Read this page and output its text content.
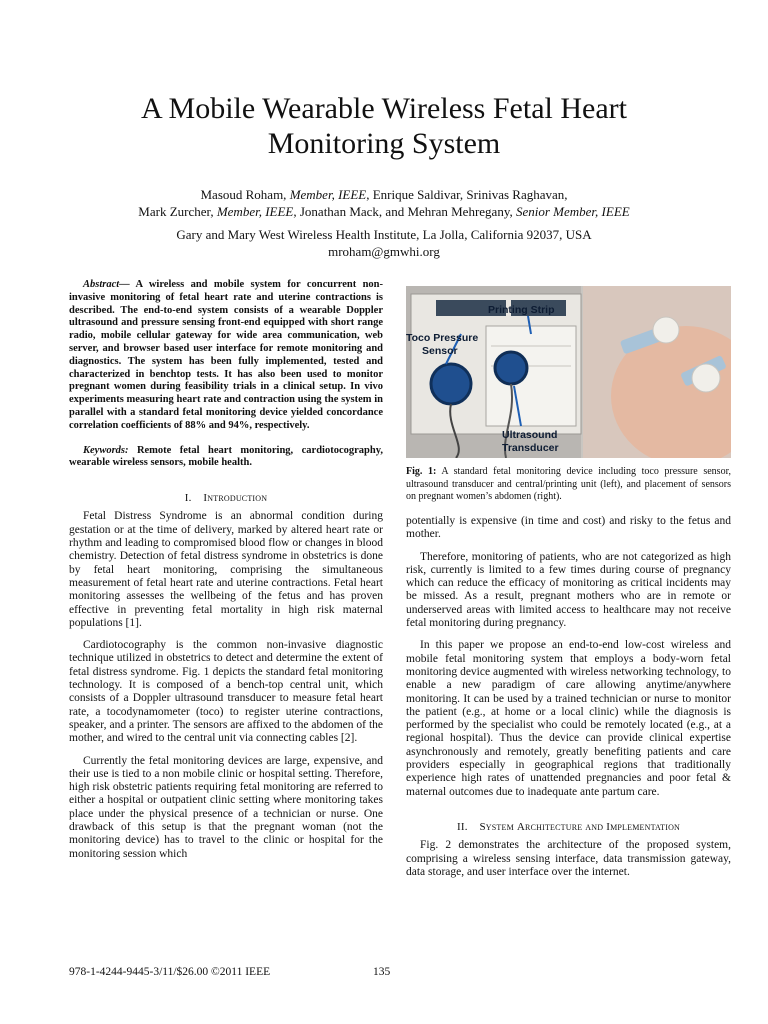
A Mobile Wearable Wireless Fetal Heart Monitoring System
Masoud Roham, Member, IEEE, Enrique Saldivar, Srinivas Raghavan,
Mark Zurcher, Member, IEEE, Jonathan Mack, and Mehran Mehregany, Senior Member, IEEE
Gary and Mary West Wireless Health Institute, La Jolla, California 92037, USA
mroham@gmwhi.org

Abstract— A wireless and mobile system for concurrent non-invasive monitoring of fetal heart rate and uterine contractions is described. The end-to-end system consists of a wearable Doppler ultrasound and pressure sensing front-end equipped with short range radio, mobile cellular gateway for wide area communication, web server, and browser based user interface for remote monitoring and diagnostics. The system has been fully implemented, tested and characterized in benchtop tests. It has also been used to monitor pregnant women during feasibility trials in a clinical setup. In vivo experiments measuring heart rate and contraction using the system in parallel with a standard fetal monitoring device yielded concordance correlation coefficients of 88% and 94%, respectively.

Keywords: Remote fetal heart monitoring, cardiotocography, wearable wireless sensors, mobile health.

I. Introduction

Fetal Distress Syndrome is an abnormal condition during gestation or at the time of delivery, marked by altered heart rate or rhythm and leading to compromised blood flow or changes in blood chemistry. Detection of fetal distress syndrome in obstetrics is done by fetal heart monitoring, comprising the simultaneous measurement of fetal heart rate and uterine contractions. Fetal heart monitoring assesses the wellbeing of the fetus and has proven effective in preventing fetal mortality in high risk maternal populations [1].

Cardiotocography is the common non-invasive diagnostic technique utilized in obstetrics to detect and determine the extent of fetal distress syndrome. Fig. 1 depicts the standard fetal monitoring technology. It is composed of a bench-top central unit, which consists of a Doppler ultrasound transducer to measure fetal heart rate, a tocodynamometer (toco) to register uterine contractions, speaker, and a printer. The sensors are affixed to the abdomen of the mother, and wired to the central unit via connecting cables [2].

Currently the fetal monitoring devices are large, expensive, and their use is tied to a non mobile clinic or hospital setting. Therefore, high risk obstetric patients requiring fetal monitoring are referred to either a hospital or outpatient clinic setting where monitoring takes place under the physical presence of a technician or nurse. One drawback of this setup is that the pregnant woman (not the monitoring device) has to travel to the clinic or hospital for the monitoring session which

Printing Strip
Toco Pressure
Sensor
Ultrasound
Transducer

Fig. 1: A standard fetal monitoring device including toco pressure sensor, ultrasound transducer and central/printing unit (left), and placement of sensors on pregnant women’s abdomen (right).

potentially is expensive (in time and cost) and risky to the fetus and mother.

Therefore, monitoring of patients, who are not categorized as high risk, currently is limited to a few times during course of pregnancy which can reduce the efficacy of monitoring as critical incidents may be missed. As a result, pregnant mothers who are in remote or underserved areas with limited access to healthcare may not receive fetal monitoring during pregnancy.

In this paper we propose an end-to-end low-cost wireless and mobile fetal monitoring system that employs a body-worn fetal monitoring device augmented with wireless networking technology, to enable a new paradigm of care allowing anytime/anywhere monitoring. It can be used by a trained technician or nurse to monitor the patient (e.g., at home or a local clinic) while the diagnosis is performed by the specialist who could be remotely located (e.g., at a regional hospital). Thus the device can provide clinical expertise asynchronously and remotely, greatly benefiting patients and care providers especially in geographical regions that traditionally experience high rates of unattended pregnancies and poor fetal & maternal outcomes due to inadequate ante partum care.

II. System Architecture and Implementation

Fig. 2 demonstrates the architecture of the proposed system, comprising a wireless sensing interface, data transmission gateway, data storage, and user interface over the internet.

978-1-4244-9445-3/11/$26.00 ©2011 IEEE	135
